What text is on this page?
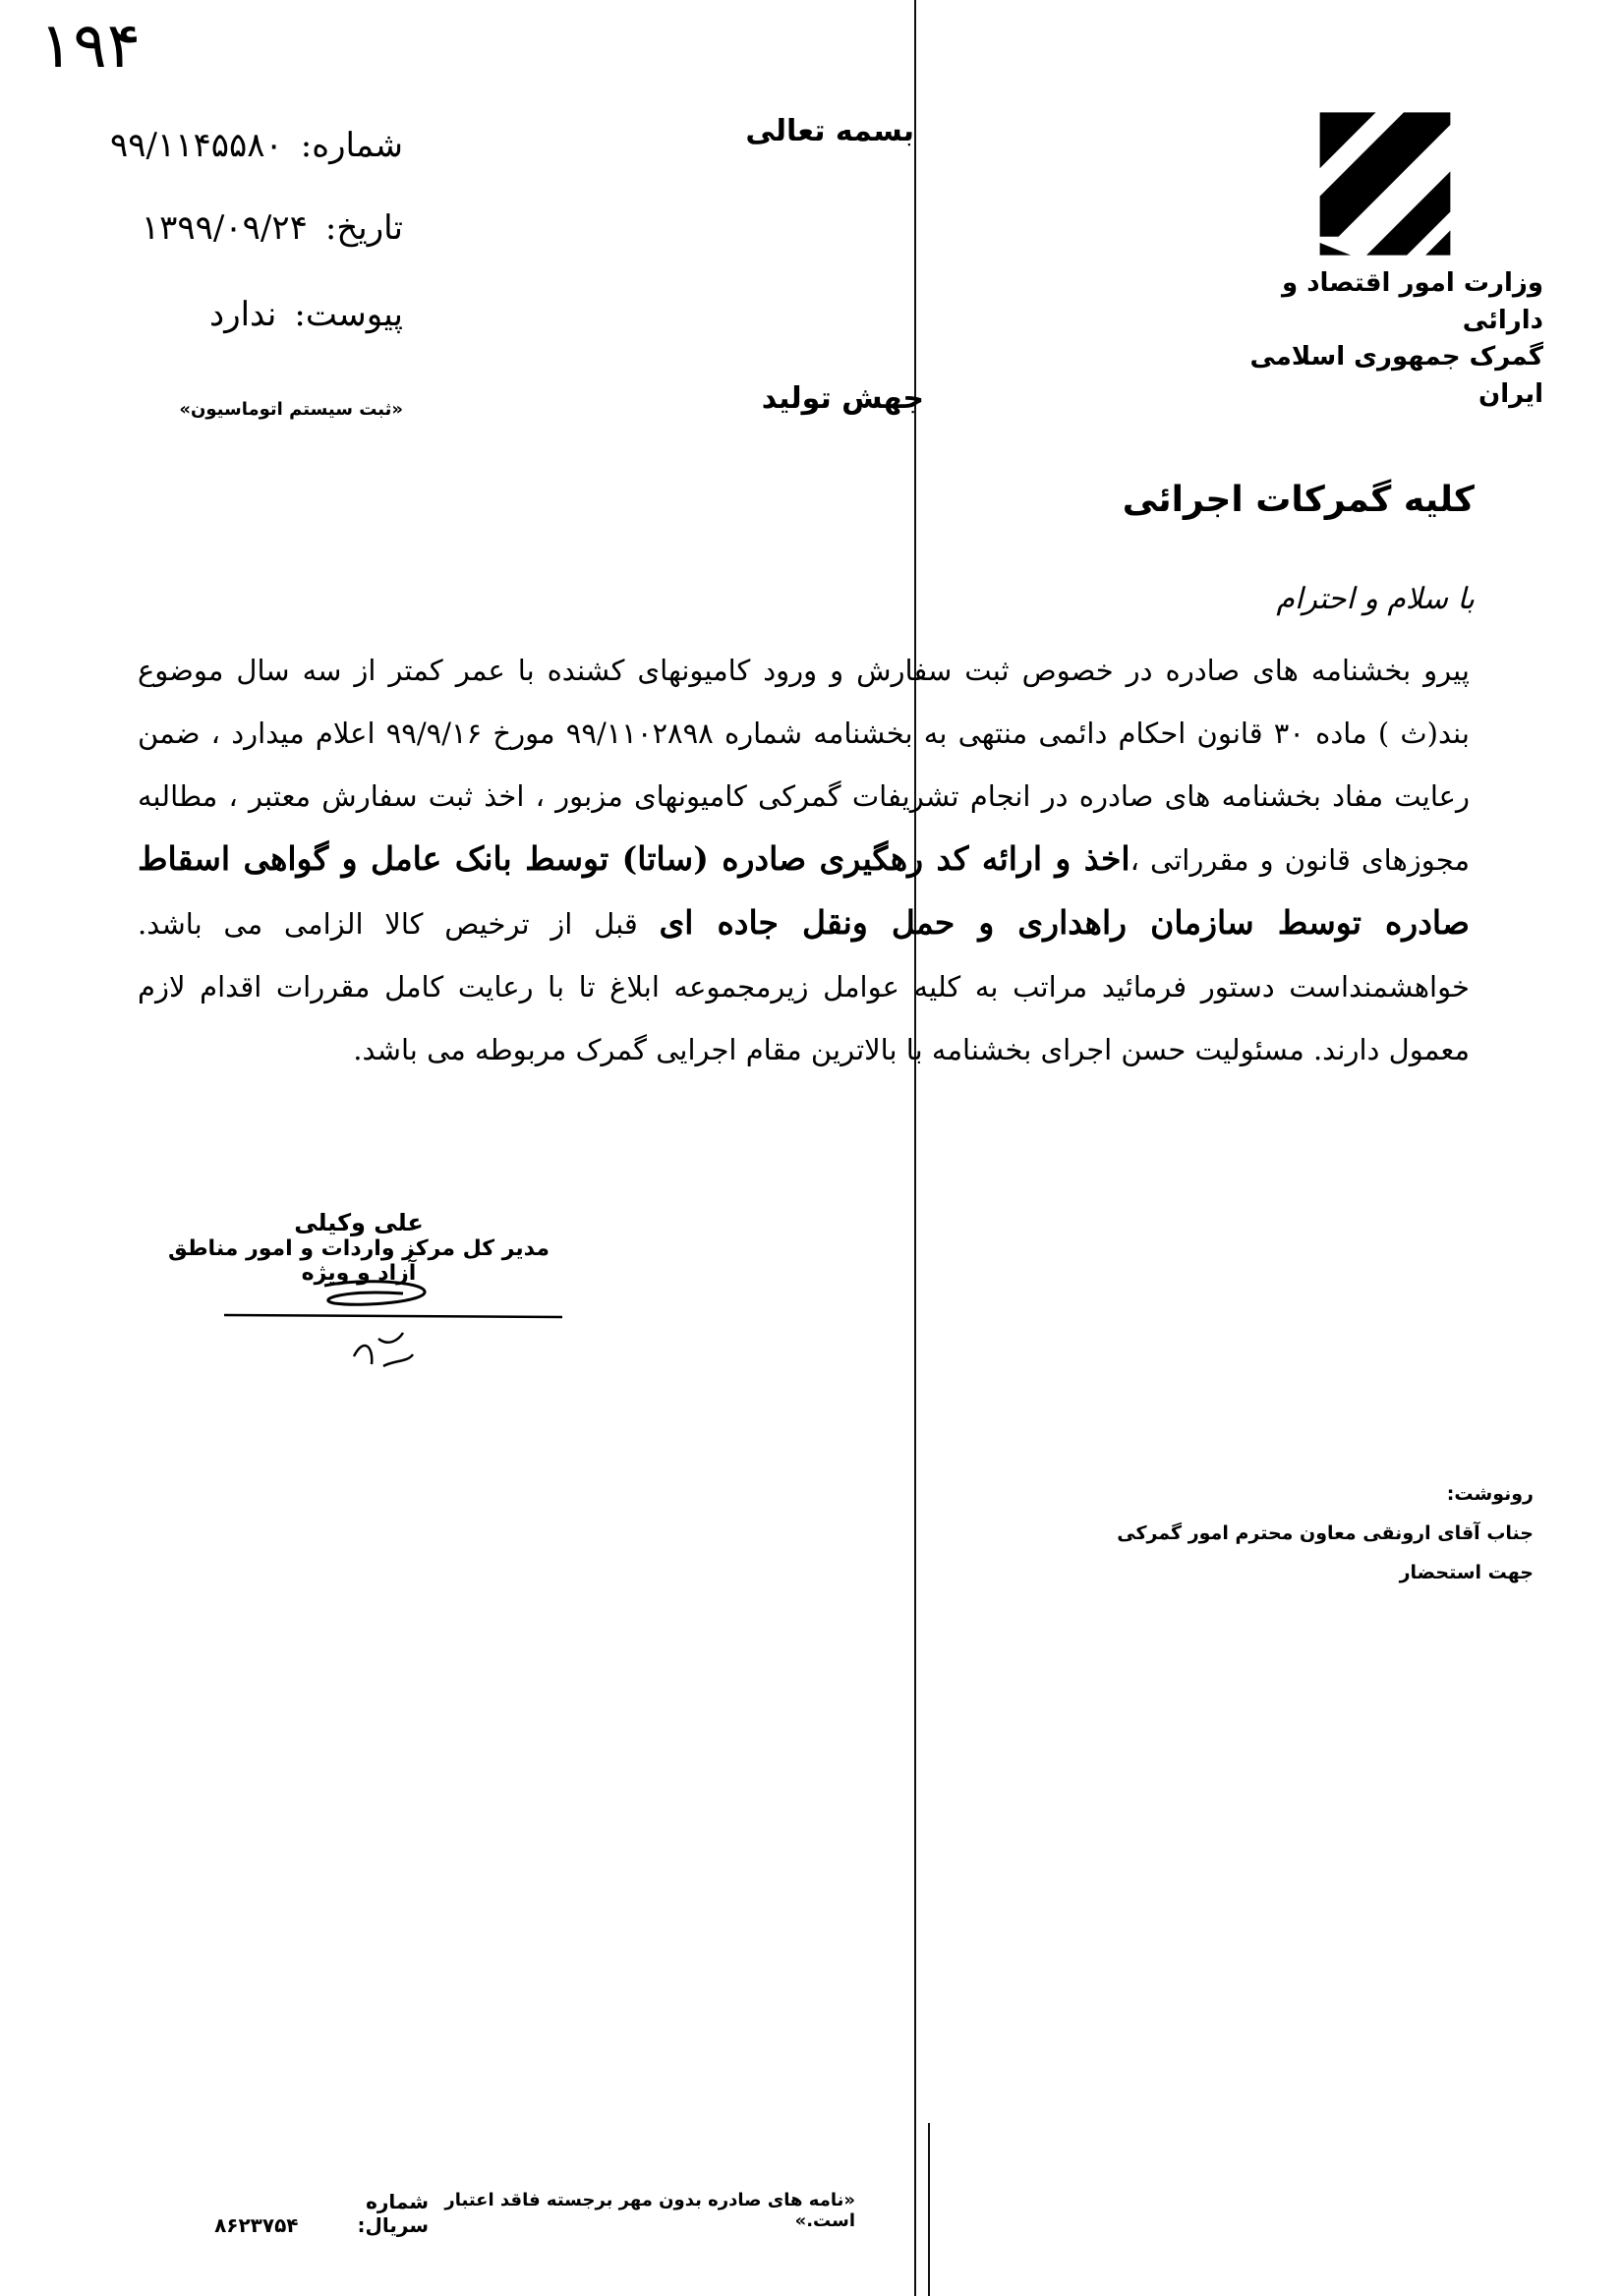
۱۹۴
شماره:۹۹/۱۱۴۵۵۸۰
تاریخ:۱۳۹۹/۰۹/۲۴
پیوست:ندارد
«ثبت سیستم اتوماسیون»
بسمه تعالی
جهش تولید
وزارت امور اقتصاد و دارائی
گمرک جمهوری اسلامی ایران
کلیه گمرکات اجرائی
با سلام و احترام
پیرو بخشنامه های صادره در خصوص ثبت سفارش و ورود کامیونهای کشنده با عمر کمتر از سه سال موضوع بند(ث ) ماده ۳۰ قانون احکام دائمی منتهی به بخشنامه شماره ۹۹/۱۱۰۲۸۹۸ مورخ ۹۹/۹/۱۶ اعلام میدارد ، ضمن رعایت مفاد بخشنامه های صادره در انجام تشریفات گمرکی کامیونهای مزبور ، اخذ ثبت سفارش معتبر ، مطالبه مجوزهای قانون و مقرراتی ،اخذ و ارائه کد رهگیری صادره (ساتا) توسط بانک عامل و گواهی اسقاط صادره توسط سازمان راهداری و حمل ونقل جاده ای قبل از ترخیص کالا الزامی می باشد. خواهشمنداست دستور فرمائید مراتب به کلیه عوامل زیرمجموعه ابلاغ تا با رعایت کامل مقررات اقدام لازم معمول دارند. مسئولیت حسن اجرای بخشنامه با بالاترین مقام اجرایی گمرک مربوطه می باشد.
علی وکیلی
مدیر کل مرکز واردات و امور مناطق آزاد و ویژه
رونوشت:
جناب آقای ارونقی معاون محترم امور گمرکی جهت استحضار
«نامه های صادره بدون مهر برجسته فاقد اعتبار است.»
شماره سریال:۸۶۲۳۷۵۴
